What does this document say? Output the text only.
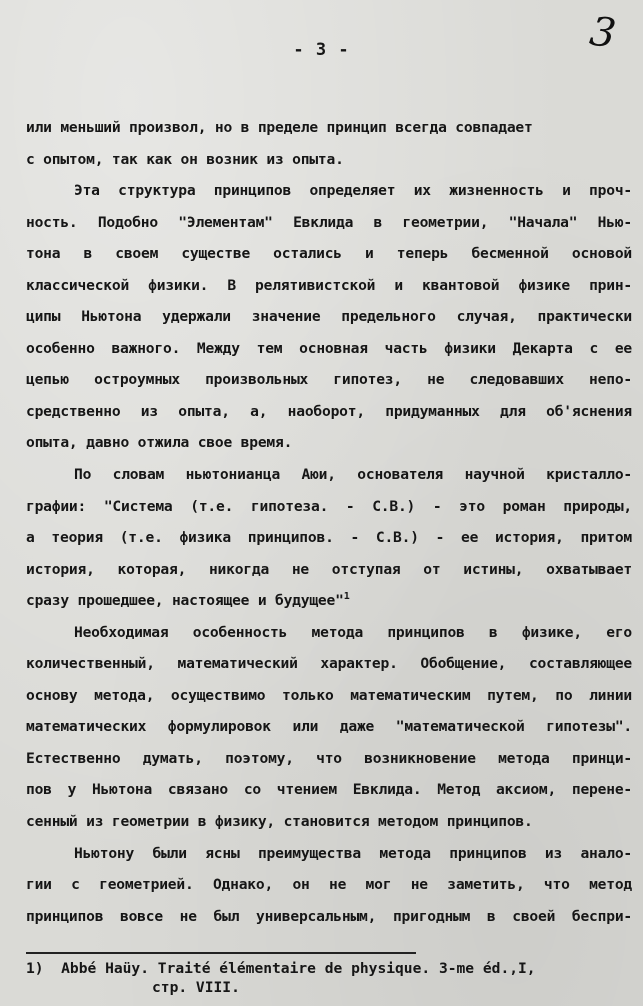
3
- 3 -
или меньший произвол, но в пределе принцип всегда совпадает
с опытом, так как он возник из опыта.
Эта структура принципов определяет их жизненность и проч-
ность. Подобно "Элементам" Евклида в геометрии, "Начала" Нью-
тона в своем существе остались и теперь бесменной основой
классической физики. В релятивистской и квантовой физике прин-
ципы Ньютона удержали значение предельного случая, практически
особенно важного. Между тем основная часть физики Декарта с ее
цепью остроумных произвольных гипотез, не следовавших непо-
средственно из опыта, а, наоборот, придуманных для об'яснения
опыта, давно отжила свое время.
По словам ньютонианца Аюи, основателя научной кристалло-
графии: "Система (т.е. гипотеза. - С.В.) - это роман природы,
а теория (т.е. физика принципов. - С.В.) - ее история, притом
история, которая, никогда не отступая от истины, охватывает
сразу прошедшее, настоящее и будущее"$^1$
Необходимая особенность метода принципов в физике, его
количественный, математический характер. Обобщение, составляющее
основу метода, осуществимо только математическим путем, по линии
математических формулировок или даже "математической гипотезы".
Естественно думать, поэтому, что возникновение метода принци-
пов у Ньютона связано со чтением Евклида. Метод аксиом, перене-
сенный из геометрии в физику, становится методом принципов.
Ньютону были ясны преимущества метода принципов из анало-
гии с геометрией. Однако, он не мог не заметить, что метод
принципов вовсе не был универсальным, пригодным в своей беспри-
1)  Abbé Haüy. Traité élémentaire de physique. 3-me éd.,I,
стр. VIII.
